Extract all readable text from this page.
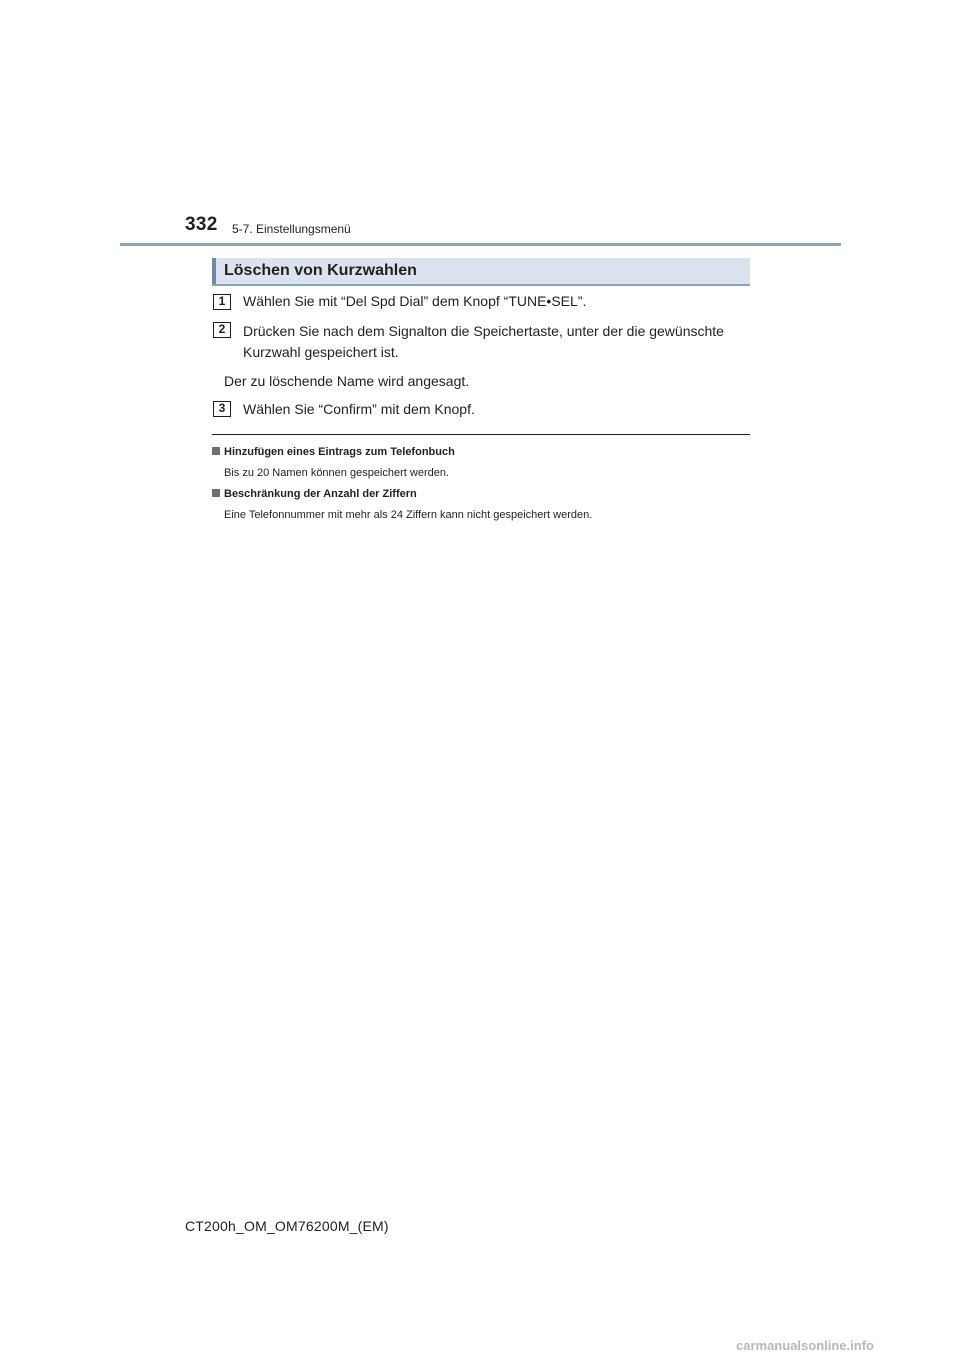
332 5-7. Einstellungsmenü
Löschen von Kurzwahlen
1	Wählen Sie mit “Del Spd Dial” dem Knopf “TUNE•SEL”.
2	Drücken Sie nach dem Signalton die Speichertaste, unter der die gewünschte Kurzwahl gespeichert ist.
Der zu löschende Name wird angesagt.
3	Wählen Sie “Confirm” mit dem Knopf.
Hinzufügen eines Eintrags zum Telefonbuch
Bis zu 20 Namen können gespeichert werden.
Beschränkung der Anzahl der Ziffern
Eine Telefonnummer mit mehr als 24 Ziffern kann nicht gespeichert werden.
CT200h_OM_OM76200M_(EM)
carmanualsonline.info
